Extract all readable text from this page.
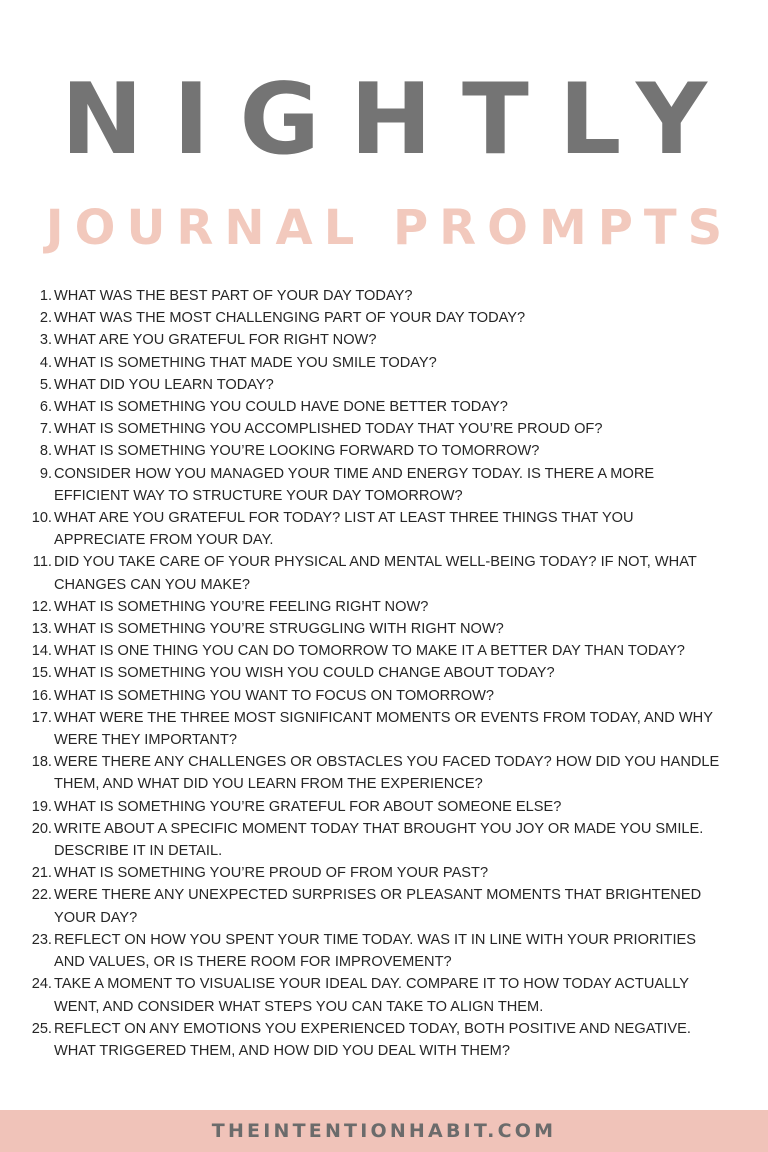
NIGHTLY
JOURNAL PROMPTS
1. WHAT WAS THE BEST PART OF YOUR DAY TODAY?
2. WHAT WAS THE MOST CHALLENGING PART OF YOUR DAY TODAY?
3. WHAT ARE YOU GRATEFUL FOR RIGHT NOW?
4. WHAT IS SOMETHING THAT MADE YOU SMILE TODAY?
5. WHAT DID YOU LEARN TODAY?
6. WHAT IS SOMETHING YOU COULD HAVE DONE BETTER TODAY?
7. WHAT IS SOMETHING YOU ACCOMPLISHED TODAY THAT YOU’RE PROUD OF?
8. WHAT IS SOMETHING YOU’RE LOOKING FORWARD TO TOMORROW?
9. CONSIDER HOW YOU MANAGED YOUR TIME AND ENERGY TODAY. IS THERE A MORE
EFFICIENT WAY TO STRUCTURE YOUR DAY TOMORROW?
10. WHAT ARE YOU GRATEFUL FOR TODAY? LIST AT LEAST THREE THINGS THAT YOU
APPRECIATE FROM YOUR DAY.
11. DID YOU TAKE CARE OF YOUR PHYSICAL AND MENTAL WELL-BEING TODAY? IF NOT, WHAT
CHANGES CAN YOU MAKE?
12. WHAT IS SOMETHING YOU’RE FEELING RIGHT NOW?
13. WHAT IS SOMETHING YOU’RE STRUGGLING WITH RIGHT NOW?
14. WHAT IS ONE THING YOU CAN DO TOMORROW TO MAKE IT A BETTER DAY THAN TODAY?
15. WHAT IS SOMETHING YOU WISH YOU COULD CHANGE ABOUT TODAY?
16. WHAT IS SOMETHING YOU WANT TO FOCUS ON TOMORROW?
17. WHAT WERE THE THREE MOST SIGNIFICANT MOMENTS OR EVENTS FROM TODAY, AND WHY
WERE THEY IMPORTANT?
18. WERE THERE ANY CHALLENGES OR OBSTACLES YOU FACED TODAY? HOW DID YOU HANDLE
THEM, AND WHAT DID YOU LEARN FROM THE EXPERIENCE?
19. WHAT IS SOMETHING YOU’RE GRATEFUL FOR ABOUT SOMEONE ELSE?
20. WRITE ABOUT A SPECIFIC MOMENT TODAY THAT BROUGHT YOU JOY OR MADE YOU SMILE.
DESCRIBE IT IN DETAIL.
21. WHAT IS SOMETHING YOU’RE PROUD OF FROM YOUR PAST?
22. WERE THERE ANY UNEXPECTED SURPRISES OR PLEASANT MOMENTS THAT BRIGHTENED
YOUR DAY?
23. REFLECT ON HOW YOU SPENT YOUR TIME TODAY. WAS IT IN LINE WITH YOUR PRIORITIES
AND VALUES, OR IS THERE ROOM FOR IMPROVEMENT?
24. TAKE A MOMENT TO VISUALISE YOUR IDEAL DAY. COMPARE IT TO HOW TODAY ACTUALLY
WENT, AND CONSIDER WHAT STEPS YOU CAN TAKE TO ALIGN THEM.
25. REFLECT ON ANY EMOTIONS YOU EXPERIENCED TODAY, BOTH POSITIVE AND NEGATIVE.
WHAT TRIGGERED THEM, AND HOW DID YOU DEAL WITH THEM?
THEINTENTIONHABIT.COM
